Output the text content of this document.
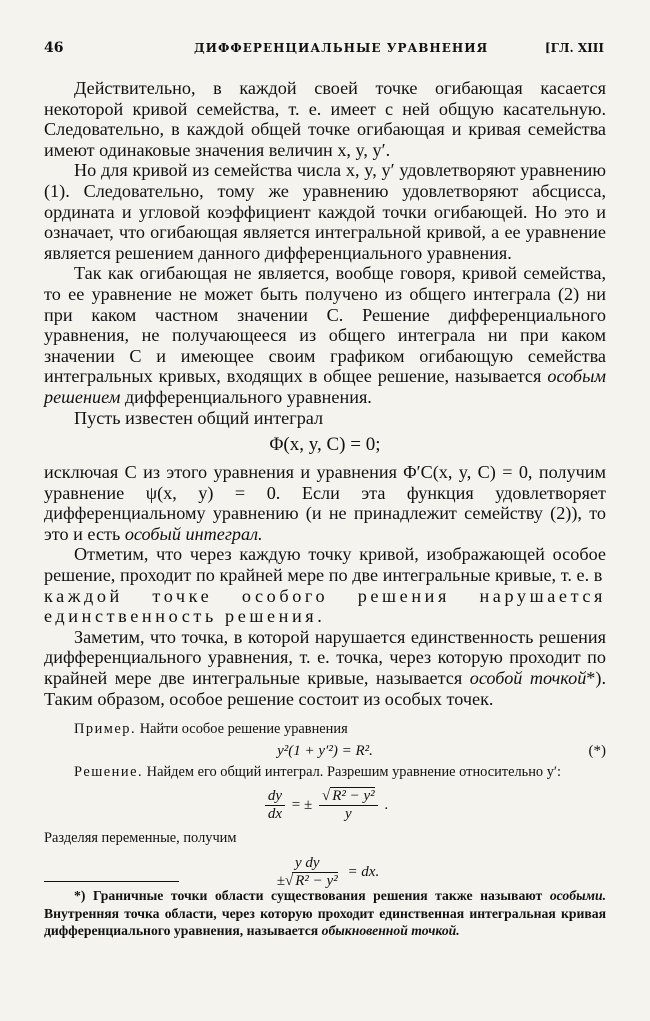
46	ДИФФЕРЕНЦИАЛЬНЫЕ УРАВНЕНИЯ	[ГЛ. XIII

Действительно, в каждой своей точке огибающая касается некоторой кривой семейства, т. е. имеет с ней общую касательную. Следовательно, в каждой общей точке огибающая и кривая семейства имеют одинаковые значения величин x, y, y′.

Но для кривой из семейства числа x, y, y′ удовлетворяют уравнению (1). Следовательно, тому же уравнению удовлетворяют абсцисса, ордината и угловой коэффициент каждой точки огибающей. Но это и означает, что огибающая является интегральной кривой, а ее уравнение является решением данного дифференциального уравнения.

Так как огибающая не является, вообще говоря, кривой семейства, то ее уравнение не может быть получено из общего интеграла (2) ни при каком частном значении C. Решение дифференциального уравнения, не получающееся из общего интеграла ни при каком значении C и имеющее своим графиком огибающую семейства интегральных кривых, входящих в общее решение, называется особым решением дифференциального уравнения.

Пусть известен общий интеграл

Φ(x, y, C) = 0;

исключая C из этого уравнения и уравнения Φ′C(x, y, C) = 0, получим уравнение ψ(x, y) = 0. Если эта функция удовлетворяет дифференциальному уравнению (и не принадлежит семейству (2)), то это и есть особый интеграл.

Отметим, что через каждую точку кривой, изображающей особое решение, проходит по крайней мере по две интегральные кривые, т. е. в каждой точке особого решения нарушается единственность решения.

Заметим, что точка, в которой нарушается единственность решения дифференциального уравнения, т. е. точка, через которую проходит по крайней мере две интегральные кривые, называется особой точкой*). Таким образом, особое решение состоит из особых точек.

Пример. Найти особое решение уравнения

y²(1 + y′²) = R².	(*)

Решение. Найдем его общий интеграл. Разрешим уравнение относительно y′:

$\frac{dy}{dx}$ = ± $\frac{\text{√ R² − y²}}{y}$ .

Разделяя переменные, получим

$\frac{\text{y dy}}{\text{±√ R² − y²}}$ = dx.

*) Граничные точки области существования решения также называют особыми. Внутренняя точка области, через которую проходит единственная интегральная кривая дифференциального уравнения, называется обыкновенной точкой.
